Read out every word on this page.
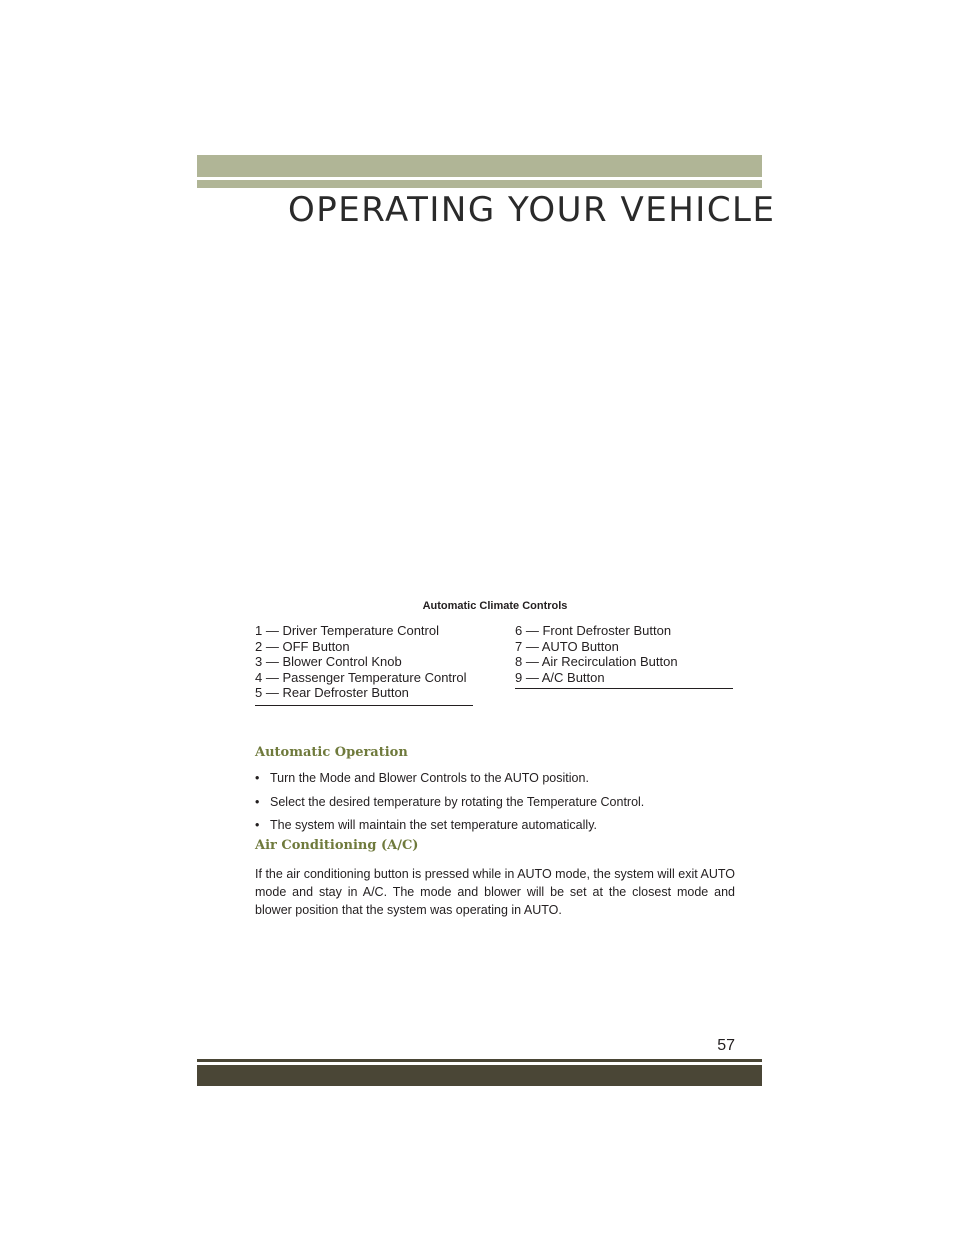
OPERATING YOUR VEHICLE
Automatic Climate Controls
1 — Driver Temperature Control
2 — OFF Button
3 — Blower Control Knob
4 — Passenger Temperature Control
5 — Rear Defroster Button
6 — Front Defroster Button
7 — AUTO Button
8 — Air Recirculation Button
9 — A/C Button
Automatic Operation
• Turn the Mode and Blower Controls to the AUTO position.
• Select the desired temperature by rotating the Temperature Control.
• The system will maintain the set temperature automatically.
Air Conditioning (A/C)
If the air conditioning button is pressed while in AUTO mode, the system will exit AUTO mode and stay in A/C. The mode and blower will be set at the closest mode and blower position that the system was operating in AUTO.
57
